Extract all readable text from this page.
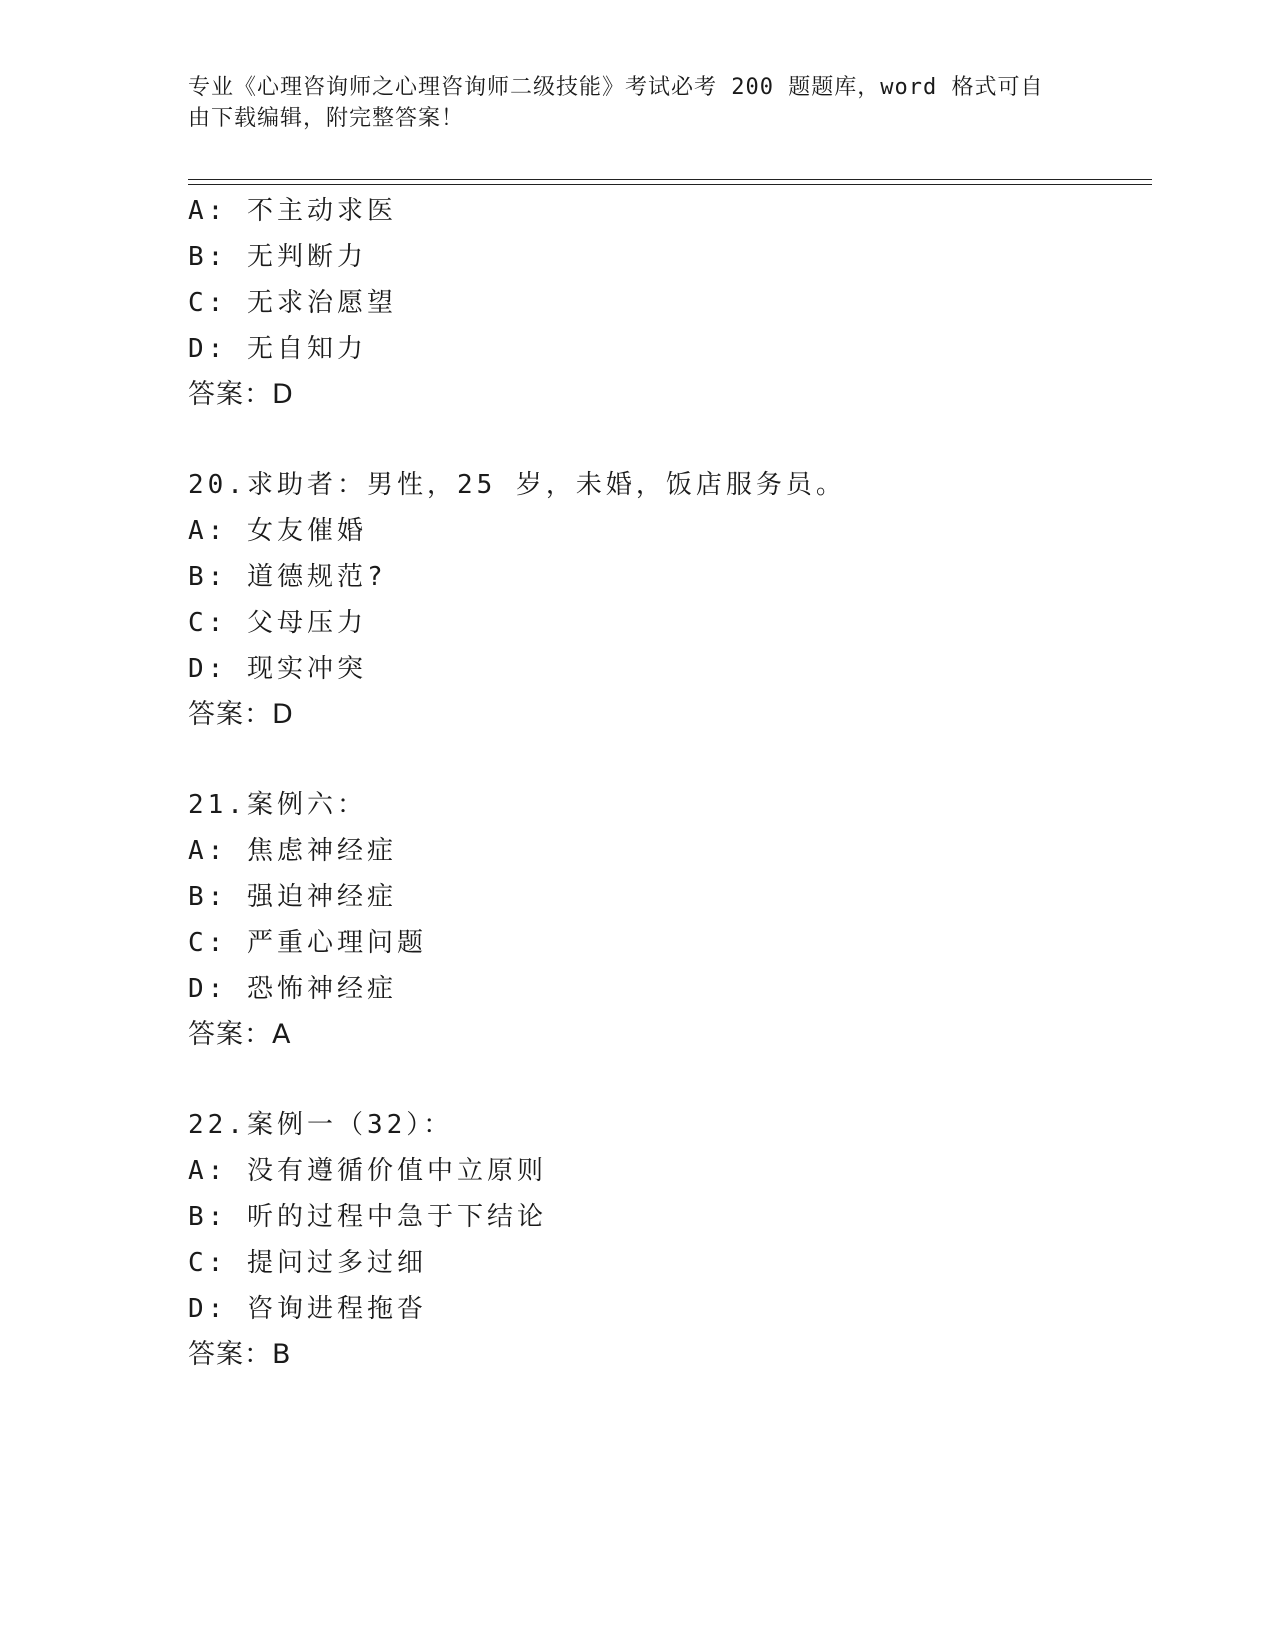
专业《心理咨询师之心理咨询师二级技能》考试必考 200 题题库，word 格式可自
由下载编辑，附完整答案！
A: 不主动求医
B: 无判断力
C: 无求治愿望
D: 无自知力
答案：D
20.求助者：男性，25 岁，未婚，饭店服务员。
A: 女友催婚
B: 道德规范?
C: 父母压力
D: 现实冲突
答案：D
21.案例六：
A: 焦虑神经症
B: 强迫神经症
C: 严重心理问题
D: 恐怖神经症
答案：A
22.案例一（32）：
A: 没有遵循价值中立原则
B: 听的过程中急于下结论
C: 提问过多过细
D: 咨询进程拖沓
答案：B
